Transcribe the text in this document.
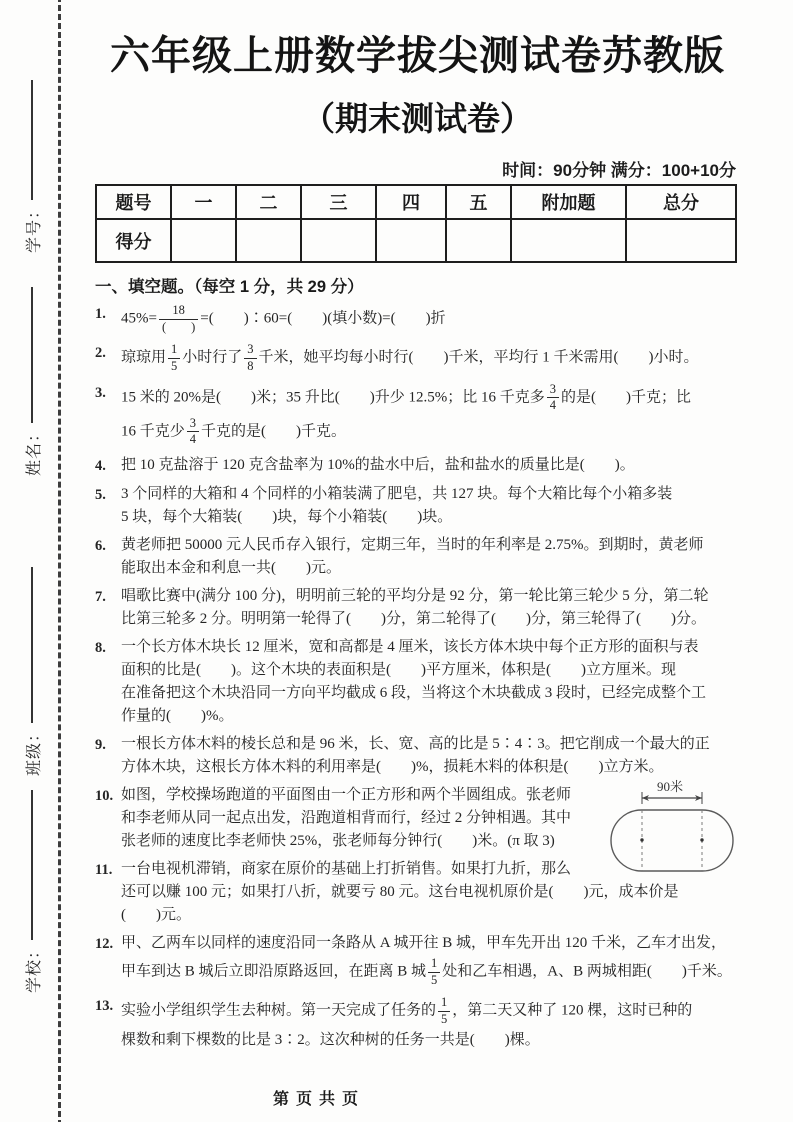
学号：
姓名：
班级：
学校：
六年级上册数学拔尖测试卷苏教版
（期末测试卷）
时间：90分钟 满分：100+10分
题号	一	二	三	四	五	附加题	总分
得分							
一、填空题。（每空 1 分，共 29 分）
1.	$45\%= \frac{18}{( )}$ =(　　)∶60=(　　)(填小数)=(　　)折
2.	琼琼用 $\frac{1}{5}$ 小时行了 $\frac{3}{8}$ 千米，她平均每小时行(　　)千米，平均行 1 千米需用(　　)小时。
3.	15 米的 20%是(　　)米；35 升比(　　)升少 12.5%；比 16 千克多 $\frac{3}{4}$ 的是(　　)千克；比
16 千克少 $\frac{3}{4}$ 千克的是(　　)千克。
4.	把 10 克盐溶于 120 克含盐率为 10%的盐水中后，盐和盐水的质量比是(　　)。
5.	3 个同样的大箱和 4 个同样的小箱装满了肥皂，共 127 块。每个大箱比每个小箱多装
5 块，每个大箱装(　　)块，每个小箱装(　　)块。
6.	黄老师把 50000 元人民币存入银行，定期三年，当时的年利率是 2.75%。到期时，黄老师
能取出本金和利息一共(　　)元。
7.	唱歌比赛中(满分 100 分)，明明前三轮的平均分是 92 分，第一轮比第三轮少 5 分，第二轮
比第三轮多 2 分。明明第一轮得了(　　)分，第二轮得了(　　)分，第三轮得了(　　)分。
8.	一个长方体木块长 12 厘米，宽和高都是 4 厘米，该长方体木块中每个正方形的面积与表
面积的比是(　　)。这个木块的表面积是(　　)平方厘米，体积是(　　)立方厘米。现
在准备把这个木块沿同一方向平均截成 6 段，当将这个木块截成 3 段时，已经完成整个工
作量的(　　)%。
9.	一根长方体木料的棱长总和是 96 米，长、宽、高的比是 5∶4∶3。把它削成一个最大的正
方体木块，这根长方体木料的利用率是(　　)%，损耗木料的体积是(　　)立方米。
10. 如图，学校操场跑道的平面图由一个正方形和两个半圆组成。张老师
和李老师从同一起点出发，沿跑道相背而行，经过 2 分钟相遇。其中
张老师的速度比李老师快 25%，张老师每分钟行(　　)米。(π 取 3)
90米
11. 一台电视机滞销，商家在原价的基础上打折销售。如果打九折，那么
还可以赚 100 元；如果打八折，就要亏 80 元。这台电视机原价是(　　)元，成本价是
(　　)元。
12. 甲、乙两车以同样的速度沿同一条路从 A 城开往 B 城，甲车先开出 120 千米，乙车才出发，
甲车到达 B 城后立即沿原路返回，在距离 B 城 $\frac{1}{5}$ 处和乙车相遇，A、B 两城相距(　　)千米。
13. 实验小学组织学生去种树。第一天完成了任务的 $\frac{1}{5}$ ，第二天又种了 120 棵，这时已种的
棵数和剩下棵数的比是 3∶2。这次种树的任务一共是(　　)棵。
第页共页
